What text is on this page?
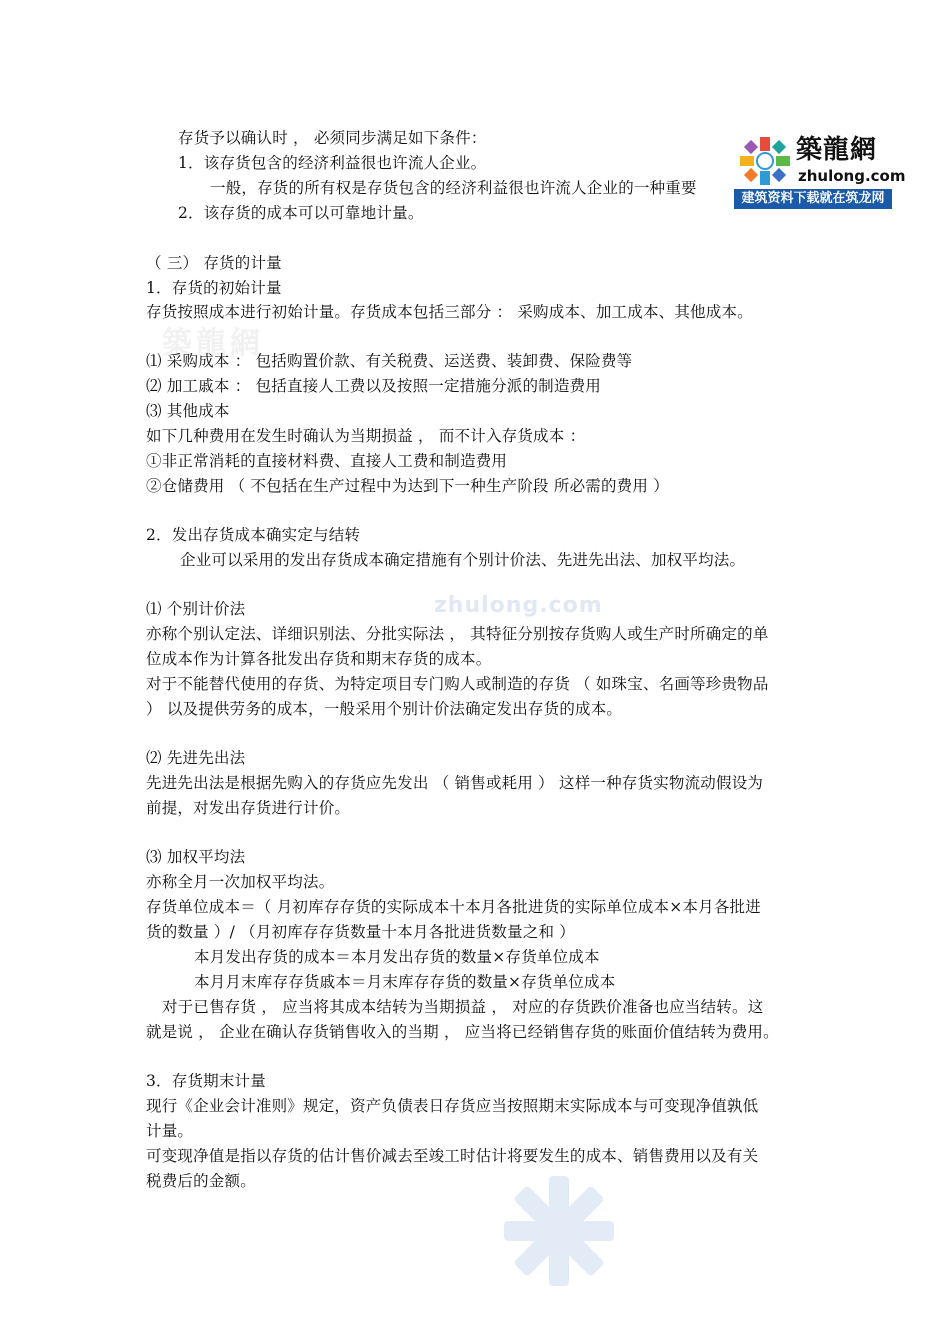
築龍網
zhulong.com
築龍網
zhulong.com
建筑资料下载就在筑龙网
存货予以确认时 ， 必须同步满足如下条件：
1．该存货包含的经济利益很也许流人企业。
一般，存货的所有权是存货包含的经济利益很也许流人企业的一种重要
2．该存货的成本可以可靠地计量。
（ 三） 存货的计量
1．存货的初始计量
存货按照成本进行初始计量。存货成本包括三部分 ： 采购成本、加工成本、其他成本。
⑴ 采购成本 ： 包括购置价款、有关税费、运送费、装卸费、保险费等
⑵ 加工戚本 ： 包括直接人工费以及按照一定措施分派的制造费用
⑶ 其他成本
如下几种费用在发生时确认为当期损益 ， 而不计入存货成本 ：
①非正常消耗的直接材料费、直接人工费和制造费用
②仓储费用 （ 不包括在生产过程中为达到下一种生产阶段 所必需的费用 ）
2．发出存货成本确实定与结转
企业可以采用的发出存货成本确定措施有个别计价法、先进先出法、加权平均法。
⑴ 个别计价法
亦称个别认定法、详细识别法、分批实际法 ， 其特征分别按存货购人或生产时所确定的单
位成本作为计算各批发出存货和期末存货的成本。
对于不能替代使用的存货、为特定项目专门购人或制造的存货 （ 如珠宝、名画等珍贵物品
） 以及提供劳务的成本，一般采用个别计价法确定发出存货的成本。
⑵ 先进先出法
先进先出法是根据先购入的存货应先发出 （ 销售或耗用 ） 这样一种存货实物流动假设为
前提，对发出存货进行计价。
⑶ 加权平均法
亦称全月一次加权平均法。
存货单位成本＝（ 月初库存存货的实际成本十本月各批进货的实际单位成本×本月各批进
货的数量 ）/ （月初库存存货数量十本月各批进货数量之和 ）
本月发出存货的成本＝本月发出存货的数量×存货单位成本
本月月末库存存货戚本＝月末库存存货的数量×存货单位成本
对于已售存货 ， 应当将其成本结转为当期损益 ， 对应的存货跌价准备也应当结转。这
就是说 ， 企业在确认存货销售收入的当期 ， 应当将已经销售存货的账面价值结转为费用。
3．存货期末计量
现行《企业会计准则》规定，资产负债表日存货应当按照期末实际成本与可变现净值孰低
计量。
可变现净值是指以存货的估计售价减去至竣工时估计将要发生的成本、销售费用以及有关
税费后的金额。
